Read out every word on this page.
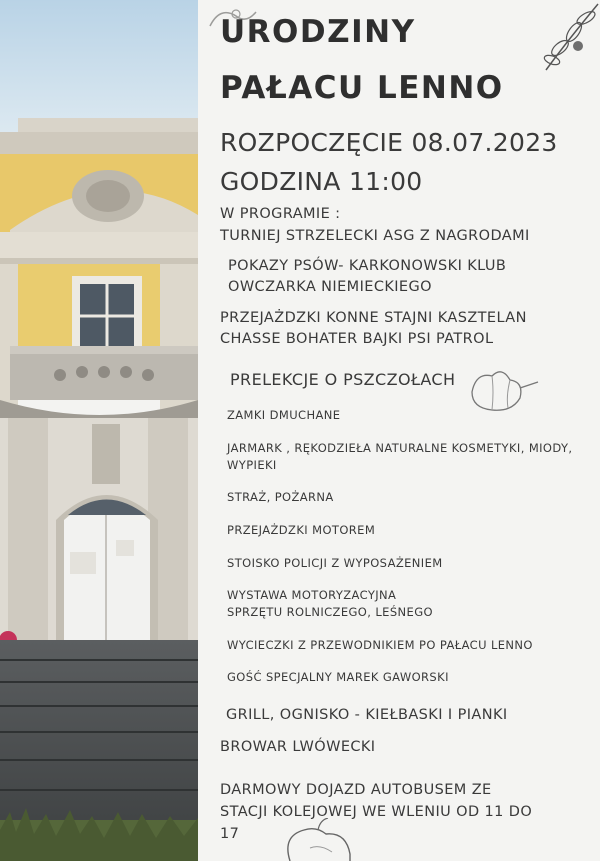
URODZINY
PAŁACU LENNO
ROZPOCZĘCIE 08.07.2023
GODZINA 11:00
W PROGRAMIE :
TURNIEJ STRZELECKI ASG Z NAGRODAMI
POKAZY PSÓW- KARKONOWSKI KLUB
OWCZARKA NIEMIECKIEGO
PRZEJAŻDZKI KONNE STAJNI KASZTELAN
CHASSE BOHATER BAJKI PSI PATROL
PRELEKCJE O PSZCZOŁACH
ZAMKI DMUCHANE
JARMARK , RĘKODZIEŁA NATURALNE KOSMETYKI, MIODY,
WYPIEKI
STRAŻ, POŻARNA
PRZEJAŻDZKI MOTOREM
STOISKO POLICJI Z WYPOSAŻENIEM
WYSTAWA MOTORYZACYJNA
SPRZĘTU ROLNICZEGO, LEŚNEGO
WYCIECZKI Z PRZEWODNIKIEM PO PAŁACU LENNO
GOŚĆ SPECJALNY MAREK GAWORSKI
GRILL, OGNISKO - KIEŁBASKI I PIANKI
BROWAR LWÓWECKI
DARMOWY DOJAZD AUTOBUSEM ZE
STACJI KOLEJOWEJ WE WLENIU OD 11 DO
17
